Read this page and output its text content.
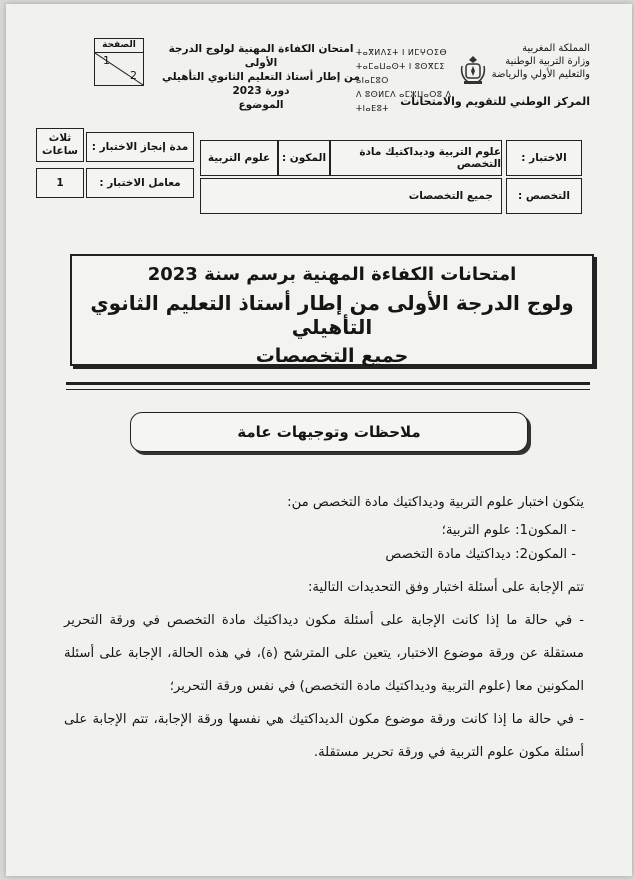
المملكة المغربية
وزارة التربية الوطنية
والتعليم الأولي والرياضة
المركز الوطني للتقويم والامتحانات
ⵜⴰⴳⵍⴷⵉⵜ ⵏ ⵍⵎⵖⵔⵉⴱ
ⵜⴰⵎⴰⵡⴰⵙⵜ ⵏ ⵓⵙⴳⵎⵉ ⴰⵏⴰⵎⵓⵔ
ⴷ ⵓⵙⵍⵎⴷ ⴰⵎⵣⵡⴰⵔⵓ ⴷ ⵜⵏⴰⴹⵓⵜ
امتحان الكفاءة المهنية لولوج الدرجة الأولى
من إطار أستاذ التعليم الثانوي التأهيلي
دورة 2023
الموضوع
الصفحة
1
2
الاختبار :
علوم التربية وديداكتيك مادة التخصص
المكون :
علوم التربية
مدة إنجاز الاختبار :
ثلاث ساعات
التخصص :
جميع التخصصات
معامل الاختبار :
1
امتحانات الكفاءة المهنية برسم سنة 2023
ولوج الدرجة الأولى من إطار أستاذ التعليم الثانوي التأهيلي
جميع التخصصات
ملاحظات وتوجيهات عامة

يتكون اختبار علوم التربية وديداكتيك مادة التخصص من:

- المكون1: علوم التربية؛

- المكون2: ديداكتيك مادة التخصص

تتم الإجابة على أسئلة اختبار وفق التحديدات التالية:

- في حالة ما إذا كانت الإجابة على أسئلة مكون ديداكتيك مادة التخصص في ورقة التحرير مستقلة عن ورقة موضوع الاختبار، يتعين على المترشح (ة)، في هذه الحالة، الإجابة على أسئلة المكونين معا (علوم التربية وديداكتيك مادة التخصص) في نفس ورقة التحرير؛

- في حالة ما إذا كانت ورقة موضوع مكون الديداكتيك هي نفسها ورقة الإجابة، تتم الإجابة على أسئلة مكون علوم التربية في ورقة تحرير مستقلة.
